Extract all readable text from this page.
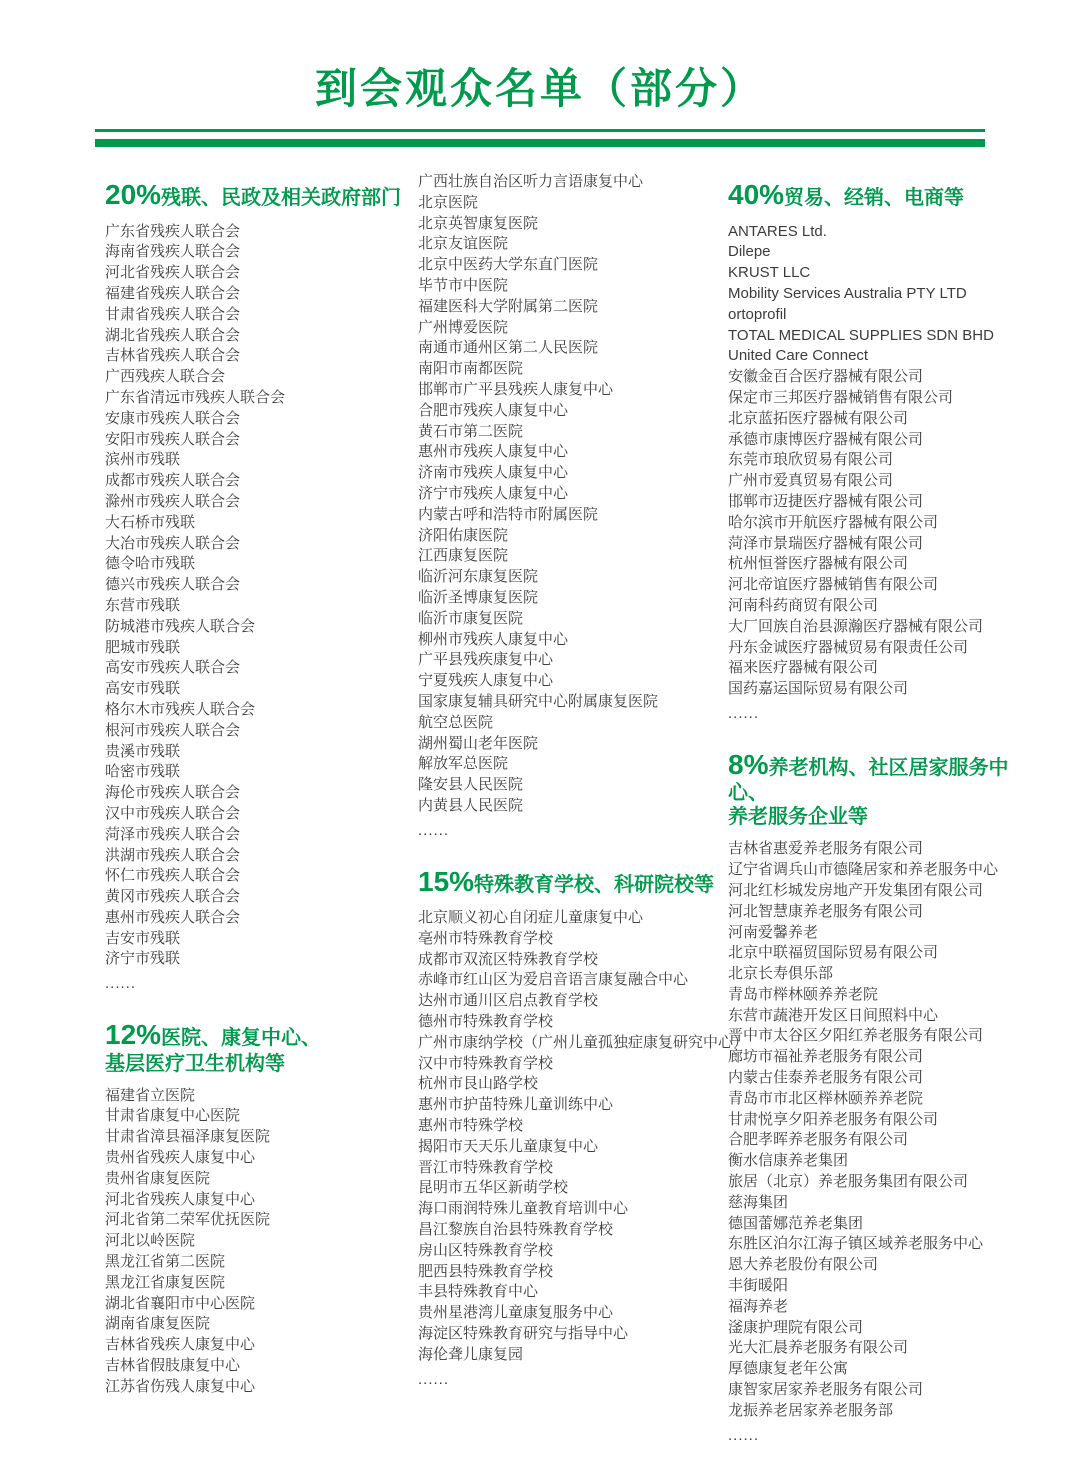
到会观众名单（部分）
20%残联、民政及相关政府部门
广东省残疾人联合会
海南省残疾人联合会
河北省残疾人联合会
福建省残疾人联合会
甘肃省残疾人联合会
湖北省残疾人联合会
吉林省残疾人联合会
广西残疾人联合会
广东省清远市残疾人联合会
安康市残疾人联合会
安阳市残疾人联合会
滨州市残联
成都市残疾人联合会
滁州市残疾人联合会
大石桥市残联
大冶市残疾人联合会
德令哈市残联
德兴市残疾人联合会
东营市残联
防城港市残疾人联合会
肥城市残联
高安市残疾人联合会
高安市残联
格尔木市残疾人联合会
根河市残疾人联合会
贵溪市残联
哈密市残联
海伦市残疾人联合会
汉中市残疾人联合会
菏泽市残疾人联合会
洪湖市残疾人联合会
怀仁市残疾人联合会
黄冈市残疾人联合会
惠州市残疾人联合会
吉安市残联
济宁市残联
......
12%医院、康复中心、
基层医疗卫生机构等
福建省立医院
甘肃省康复中心医院
甘肃省漳县福泽康复医院
贵州省残疾人康复中心
贵州省康复医院
河北省残疾人康复中心
河北省第二荣军优抚医院
河北以岭医院
黑龙江省第二医院
黑龙江省康复医院
湖北省襄阳市中心医院
湖南省康复医院
吉林省残疾人康复中心
吉林省假肢康复中心
江苏省伤残人康复中心
广西壮族自治区听力言语康复中心
北京医院
北京英智康复医院
北京友谊医院
北京中医药大学东直门医院
毕节市中医院
福建医科大学附属第二医院
广州博爱医院
南通市通州区第二人民医院
南阳市南都医院
邯郸市广平县残疾人康复中心
合肥市残疾人康复中心
黄石市第二医院
惠州市残疾人康复中心
济南市残疾人康复中心
济宁市残疾人康复中心
内蒙古呼和浩特市附属医院
济阳佑康医院
江西康复医院
临沂河东康复医院
临沂圣博康复医院
临沂市康复医院
柳州市残疾人康复中心
广平县残疾康复中心
宁夏残疾人康复中心
国家康复辅具研究中心附属康复医院
航空总医院
湖州蜀山老年医院
解放军总医院
隆安县人民医院
内黄县人民医院
......
15%特殊教育学校、科研院校等
北京顺义初心自闭症儿童康复中心
亳州市特殊教育学校
成都市双流区特殊教育学校
赤峰市红山区为爱启音语言康复融合中心
达州市通川区启点教育学校
德州市特殊教育学校
广州市康纳学校（广州儿童孤独症康复研究中心）
汉中市特殊教育学校
杭州市艮山路学校
惠州市护苗特殊儿童训练中心
惠州市特殊学校
揭阳市天天乐儿童康复中心
晋江市特殊教育学校
昆明市五华区新萌学校
海口雨润特殊儿童教育培训中心
昌江黎族自治县特殊教育学校
房山区特殊教育学校
肥西县特殊教育学校
丰县特殊教育中心
贵州星港湾儿童康复服务中心
海淀区特殊教育研究与指导中心
海伦聋儿康复园
......
40%贸易、经销、电商等
ANTARES Ltd.
Dilepe
KRUST LLC
Mobility Services Australia PTY LTD
ortoprofil
TOTAL MEDICAL SUPPLIES SDN BHD
United Care Connect
安徽金百合医疗器械有限公司
保定市三邦医疗器械销售有限公司
北京蓝拓医疗器械有限公司
承德市康博医疗器械有限公司
东莞市琅欣贸易有限公司
广州市爱真贸易有限公司
邯郸市迈捷医疗器械有限公司
哈尔滨市开航医疗器械有限公司
菏泽市景瑞医疗器械有限公司
杭州恒誉医疗器械有限公司
河北帝谊医疗器械销售有限公司
河南科药商贸有限公司
大厂回族自治县源瀚医疗器械有限公司
丹东金诚医疗器械贸易有限责任公司
福来医疗器械有限公司
国药嘉运国际贸易有限公司
......
8%养老机构、社区居家服务中心、
养老服务企业等
吉林省惠爱养老服务有限公司
辽宁省调兵山市德隆居家和养老服务中心
河北红杉城发房地产开发集团有限公司
河北智慧康养老服务有限公司
河南爱馨养老
北京中联福贸国际贸易有限公司
北京长寿俱乐部
青岛市榉林颐养养老院
东营市蔬港开发区日间照料中心
晋中市太谷区夕阳红养老服务有限公司
廊坊市福祉养老服务有限公司
内蒙古佳泰养老服务有限公司
青岛市市北区榉林颐养养老院
甘肃悦享夕阳养老服务有限公司
合肥孝晖养老服务有限公司
衡水信康养老集团
旅居（北京）养老服务集团有限公司
慈海集团
德国蕾娜范养老集团
东胜区泊尔江海子镇区域养老服务中心
恩大养老股份有限公司
丰街暖阳
福海养老
滏康护理院有限公司
光大汇晨养老服务有限公司
厚德康复老年公寓
康智家居家养老服务有限公司
龙振养老居家养老服务部
......
